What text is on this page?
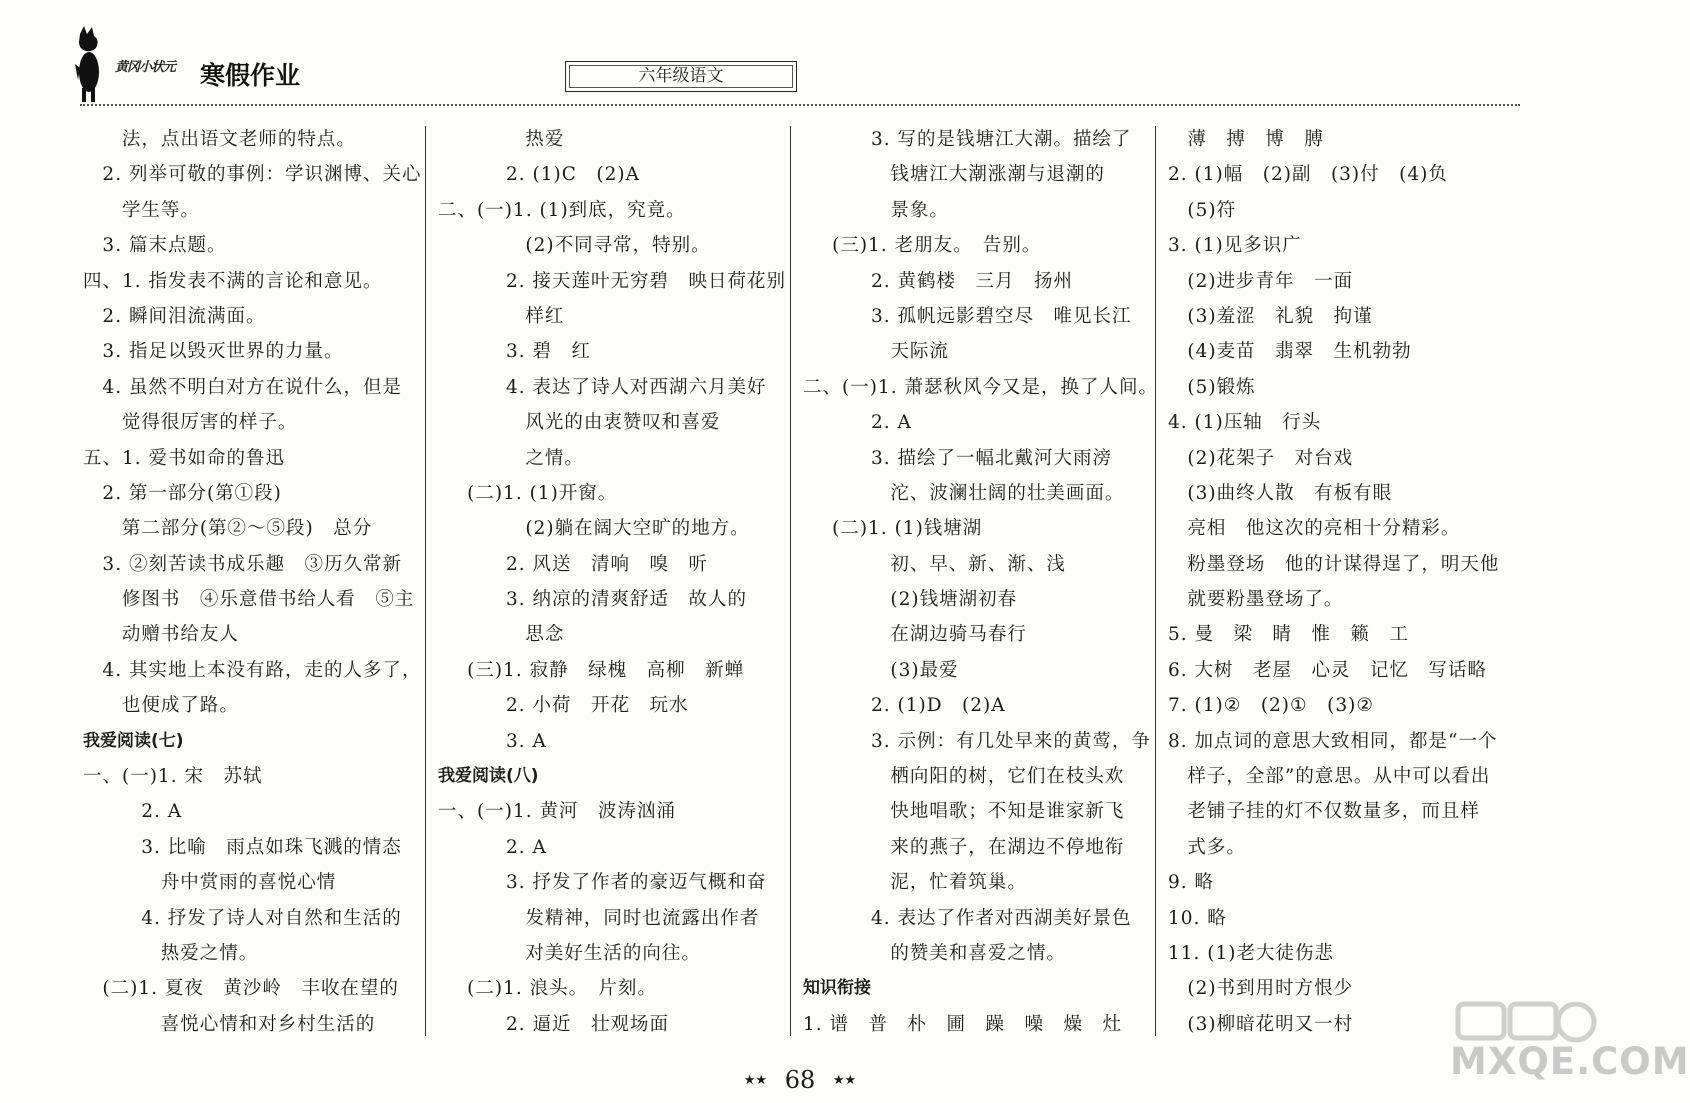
黄冈小状元 寒假作业	六年级语文
法，点出语文老师的特点。
2. 列举可敬的事例：学识渊博、关心
学生等。
3. 篇末点题。
四、1. 指发表不满的言论和意见。
2. 瞬间泪流满面。
3. 指足以毁灭世界的力量。
4. 虽然不明白对方在说什么，但是
觉得很厉害的样子。
五、1. 爱书如命的鲁迅
2. 第一部分(第①段)
第二部分(第②～⑤段)　总分
3. ②刻苦读书成乐趣　③历久常新
修图书　④乐意借书给人看　⑤主
动赠书给友人
4. 其实地上本没有路，走的人多了，
也便成了路。
我爱阅读(七)
一、(一)1. 宋　苏轼
2. A
3. 比喻　雨点如珠飞溅的情态
舟中赏雨的喜悦心情
4. 抒发了诗人对自然和生活的
热爱之情。
(二)1. 夏夜　黄沙岭　丰收在望的
喜悦心情和对乡村生活的
热爱
2. (1)C　(2)A
二、(一)1. (1)到底，究竟。
(2)不同寻常，特别。
2. 接天莲叶无穷碧　映日荷花别
样红
3. 碧　红
4. 表达了诗人对西湖六月美好
风光的由衷赞叹和喜爱
之情。
(二)1. (1)开窗。
(2)躺在阔大空旷的地方。
2. 风送　清响　嗅　听
3. 纳凉的清爽舒适　故人的
思念
(三)1. 寂静　绿槐　高柳　新蝉
2. 小荷　开花　玩水
3. A
我爱阅读(八)
一、(一)1. 黄河　波涛汹涌
2. A
3. 抒发了作者的豪迈气概和奋
发精神，同时也流露出作者
对美好生活的向往。
(二)1. 浪头。　片刻。
2. 逼近　壮观场面
3. 写的是钱塘江大潮。描绘了
钱塘江大潮涨潮与退潮的
景象。
(三)1. 老朋友。　告别。
2. 黄鹤楼　三月　扬州
3. 孤帆远影碧空尽　唯见长江
天际流
二、(一)1. 萧瑟秋风今又是，换了人间。
2. A
3. 描绘了一幅北戴河大雨滂
沱、波澜壮阔的壮美画面。
(二)1. (1)钱塘湖
初、早、新、渐、浅
(2)钱塘湖初春
在湖边骑马春行
(3)最爱
2. (1)D　(2)A
3. 示例：有几处早来的黄莺，争
栖向阳的树，它们在枝头欢
快地唱歌；不知是谁家新飞
来的燕子，在湖边不停地衔
泥，忙着筑巢。
4. 表达了作者对西湖美好景色
的赞美和喜爱之情。
知识衔接
1. 谱　普　朴　圃　躁　噪　燥　灶
薄　搏　博　膊
2. (1)幅　(2)副　(3)付　(4)负
(5)符
3. (1)见多识广
(2)进步青年　一面
(3)羞涩　礼貌　拘谨
(4)麦苗　翡翠　生机勃勃
(5)锻炼
4. (1)压轴　行头
(2)花架子　对台戏
(3)曲终人散　有板有眼
亮相　他这次的亮相十分精彩。
粉墨登场　他的计谋得逞了，明天他
就要粉墨登场了。
5. 曼　梁　睛　惟　籁　工
6. 大树　老屋　心灵　记忆　写话略
7. (1)②　(2)①　(3)②
8. 加点词的意思大致相同，都是“一个
样子，全部”的意思。从中可以看出
老铺子挂的灯不仅数量多，而且样
式多。
9. 略
10. 略
11. (1)老大徒伤悲
(2)书到用时方恨少
(3)柳暗花明又一村
★★ 68 ★★	MXQE.COM
